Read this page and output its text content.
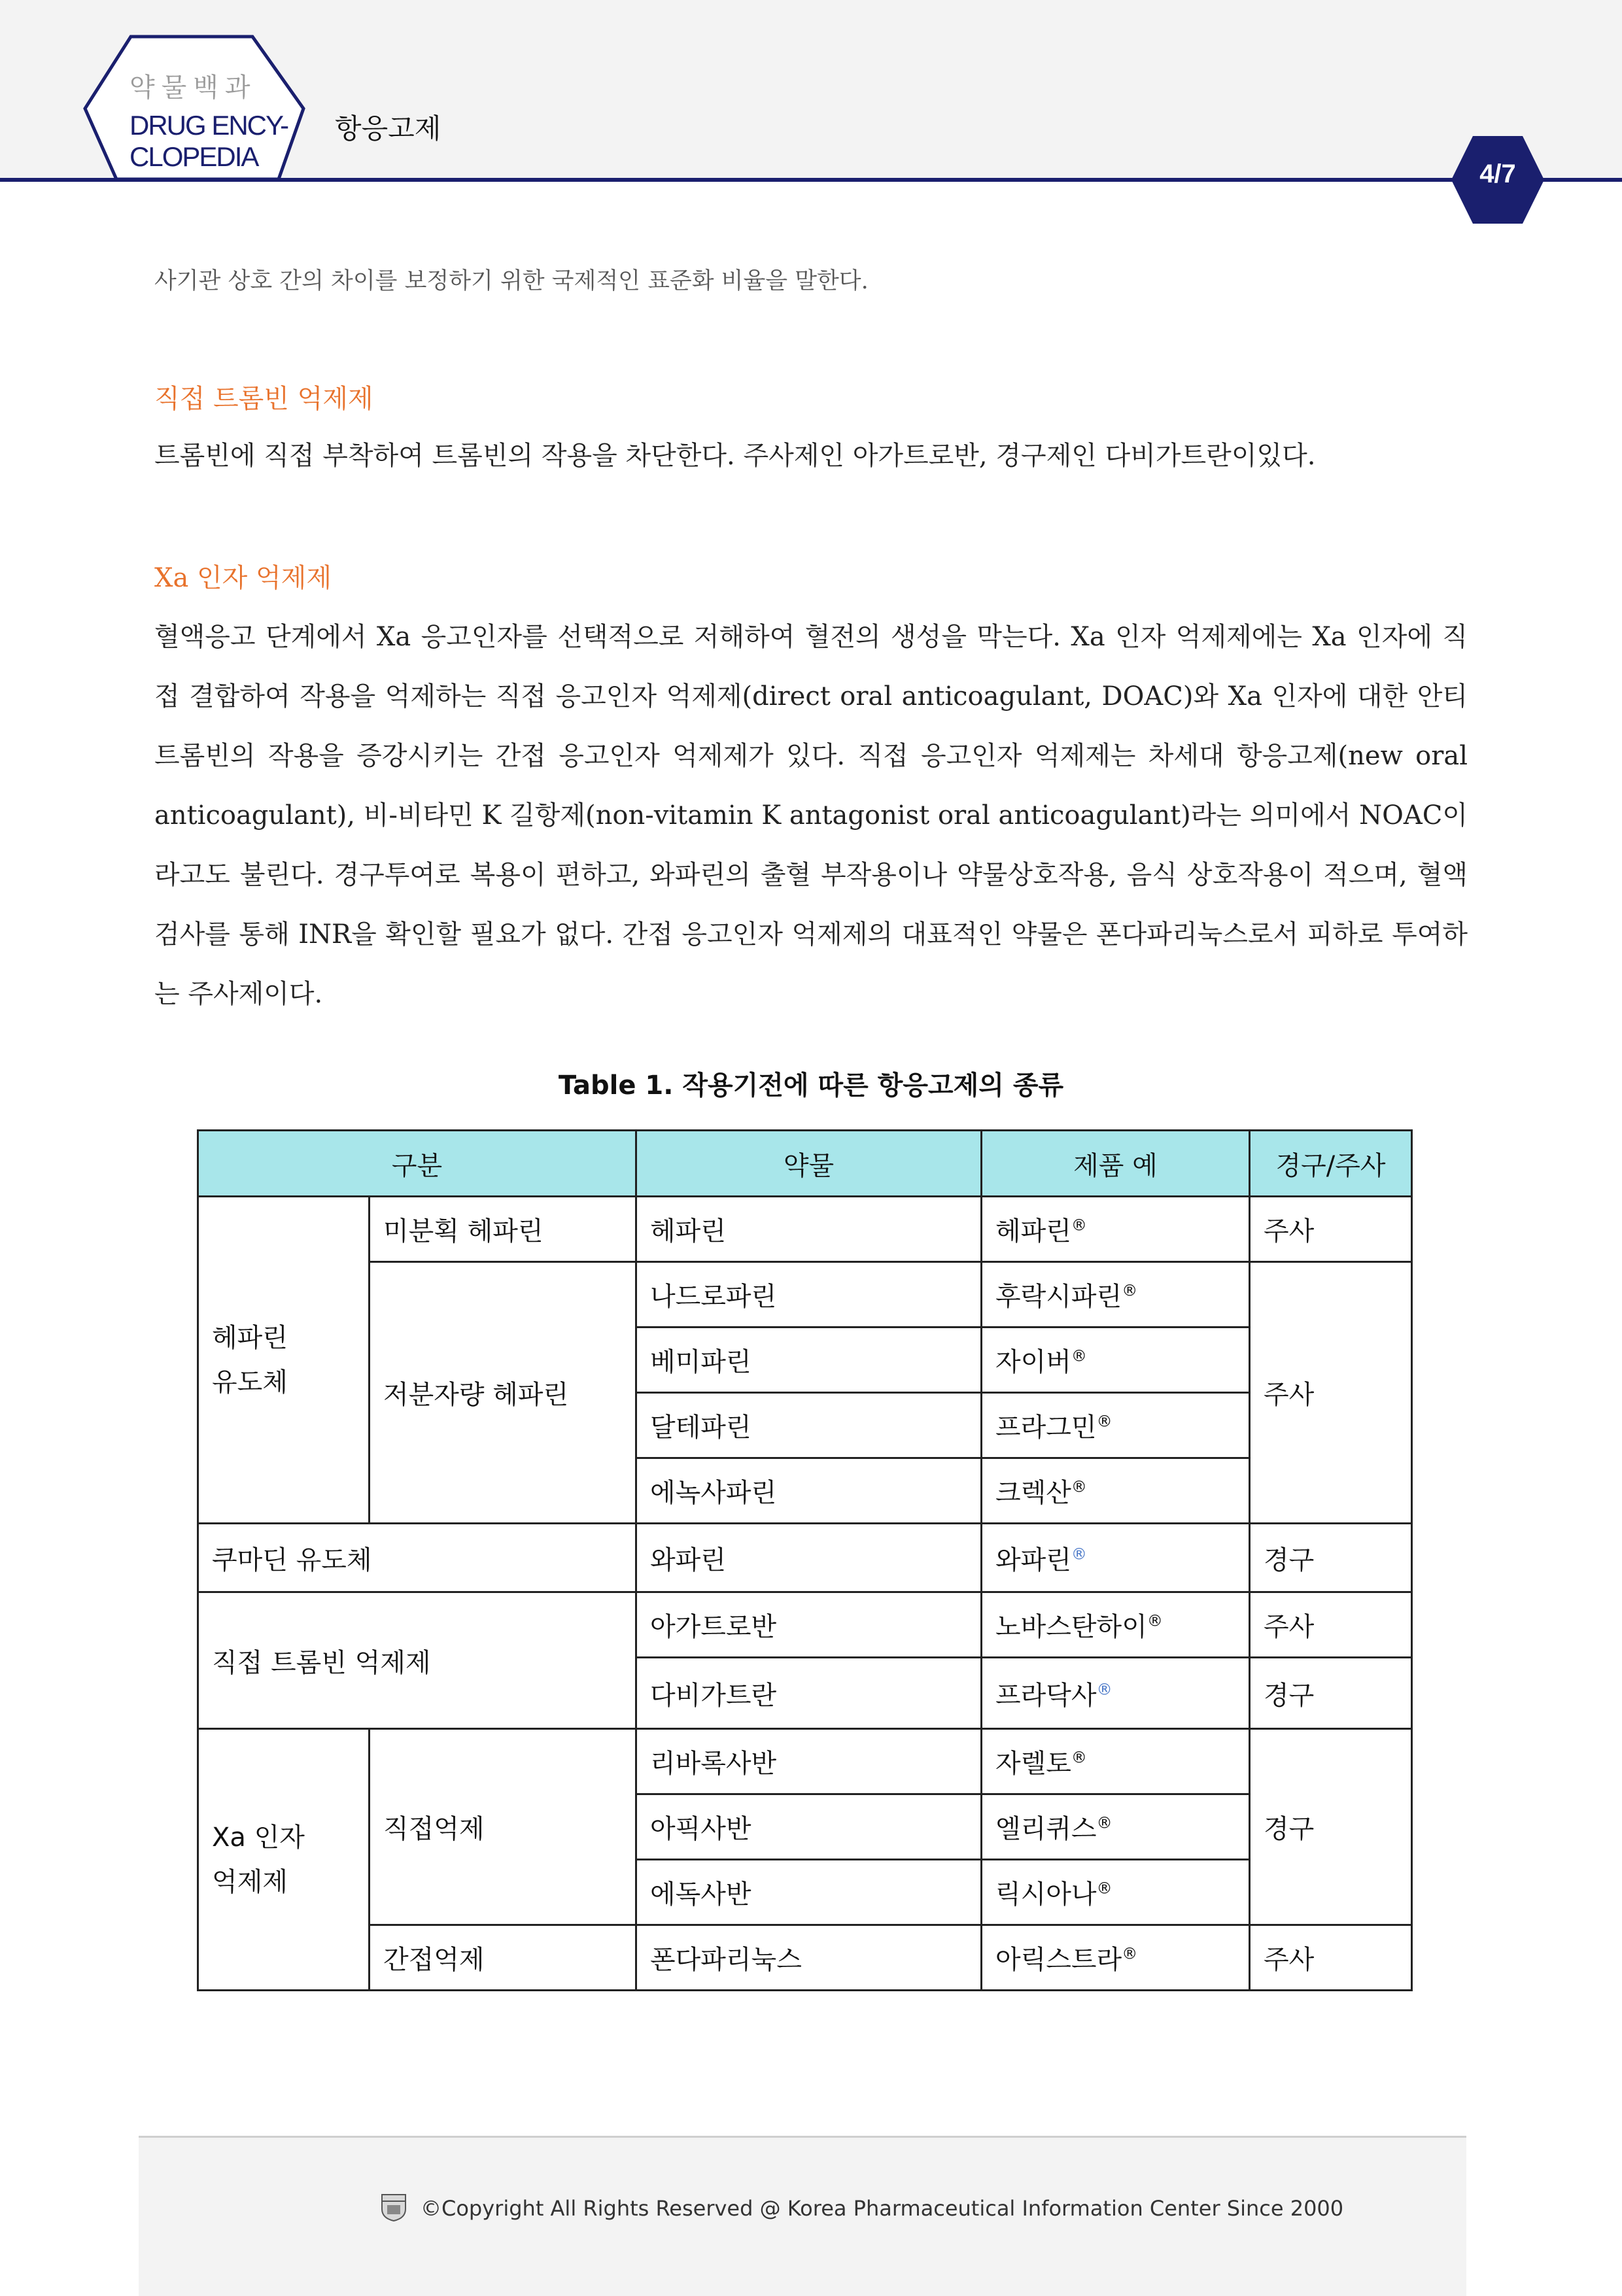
약물백과
DRUG ENCY-
CLOPEDIA
항응고제
4/7
사기관 상호 간의 차이를 보정하기 위한 국제적인 표준화 비율을 말한다.
직접 트롬빈 억제제
트롬빈에 직접 부착하여 트롬빈의 작용을 차단한다. 주사제인 아가트로반, 경구제인 다비가트란이있다.
Xa 인자 억제제
혈액응고 단계에서 Xa 응고인자를 선택적으로 저해하여 혈전의 생성을 막는다. Xa 인자 억제제에는 Xa 인자에 직접 결합하여 작용을 억제하는 직접 응고인자 억제제(direct oral anticoagulant, DOAC)와 Xa 인자에 대한 안티트롬빈의 작용을 증강시키는 간접 응고인자 억제제가 있다. 직접 응고인자 억제제는 차세대 항응고제(new oral anticoagulant), 비-비타민 K 길항제(non-vitamin K antagonist oral anticoagulant)라는 의미에서 NOAC이라고도 불린다. 경구투여로 복용이 편하고, 와파린의 출혈 부작용이나 약물상호작용, 음식 상호작용이 적으며, 혈액검사를 통해 INR을 확인할 필요가 없다. 간접 응고인자 억제제의 대표적인 약물은 폰다파리눅스로서 피하로 투여하는 주사제이다.
Table 1. 작용기전에 따른 항응고제의 종류
구분		약물	제품 예	경구/주사
헤파린
유도체	미분획 헤파린	헤파린	헤파린®	주사
	저분자량 헤파린	나드로파린	후락시파린®	주사
		베미파린	자이버®
		달테파린	프라그민®
		에녹사파린	크렉산®
쿠마딘 유도체		와파린	와파린®	경구
직접 트롬빈 억제제		아가트로반	노바스탄하이®	주사
		다비가트란	프라닥사®	경구
Xa 인자
억제제	직접억제	리바록사반	자렐토®	경구
		아픽사반	엘리퀴스®
		에독사반	릭시아나®
	간접억제	폰다파리눅스	아릭스트라®	주사
©Copyright All Rights Reserved @ Korea Pharmaceutical Information Center Since 2000
